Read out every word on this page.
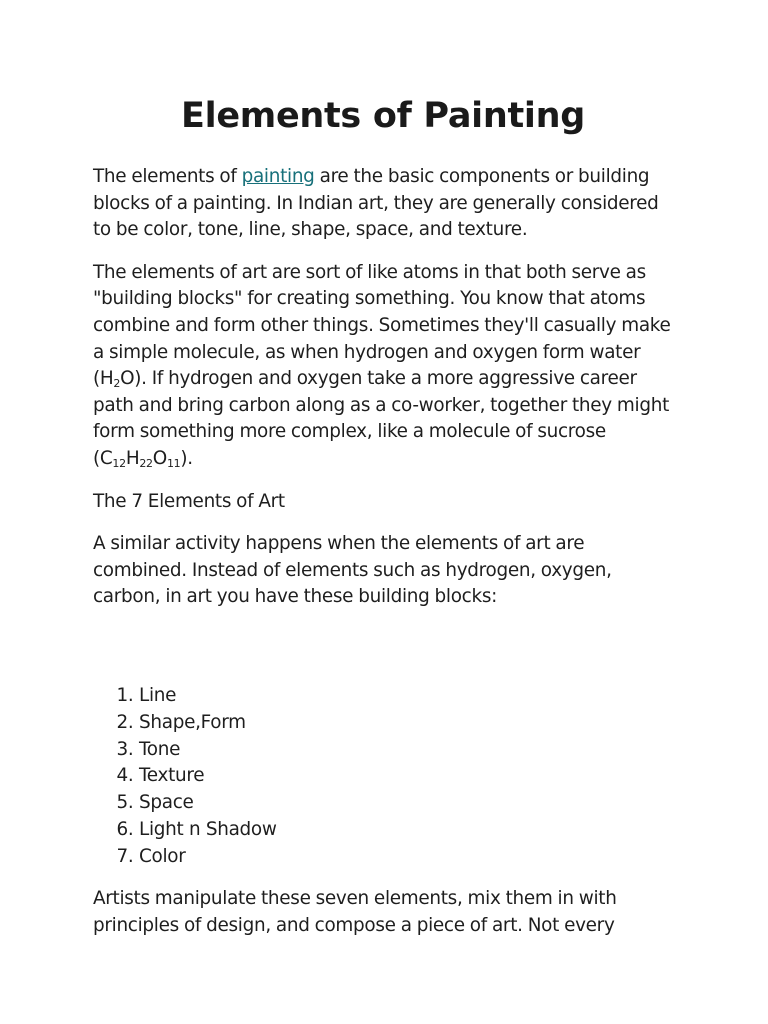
Elements of Painting

The elements of painting are the basic components or building blocks of a painting. In Indian art, they are generally considered to be color, tone, line, shape, space, and texture.

The elements of art are sort of like atoms in that both serve as "building blocks" for creating something. You know that atoms combine and form other things. Sometimes they'll casually make a simple molecule, as when hydrogen and oxygen form water $(H_2O)$. If hydrogen and oxygen take a more aggressive career path and bring carbon along as a co-worker, together they might form something more complex, like a molecule of sucrose $(C_{12}H_{22}O_{11})$.

The 7 Elements of Art

A similar activity happens when the elements of art are combined. Instead of elements such as hydrogen, oxygen, carbon, in art you have these building blocks:

1. Line
2. Shape,Form
3. Tone
4. Texture
5. Space
6. Light n Shadow
7. Color

Artists manipulate these seven elements, mix them in with principles of design, and compose a piece of art. Not every
